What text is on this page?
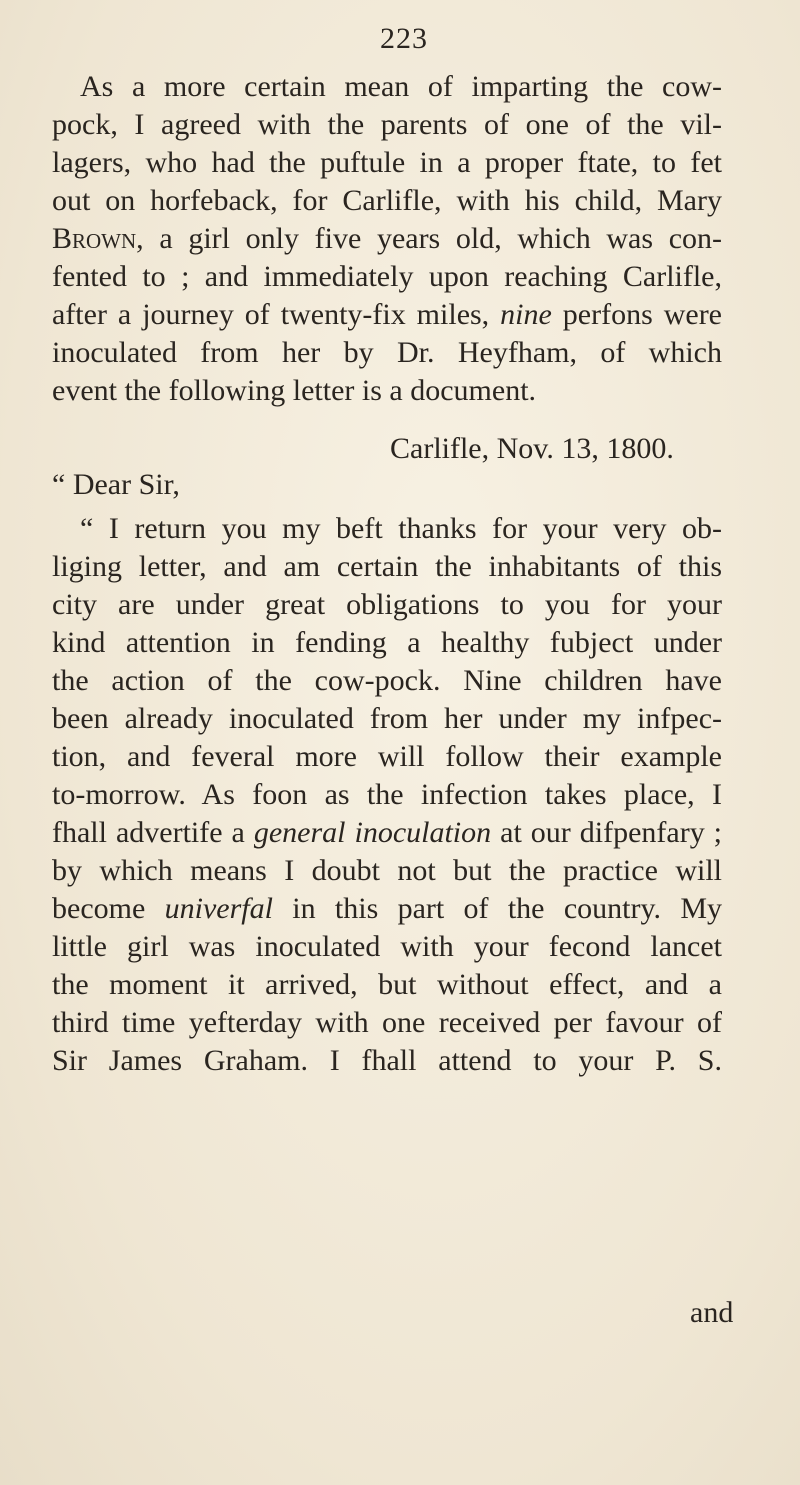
223
As a more certain mean of imparting the cow-
pock, I agreed with the parents of one of the vil-
lagers, who had the puftule in a proper ftate, to fet
out on horfeback, for Carlifle, with his child, Mary
Brown, a girl only five years old, which was con-
fented to ; and immediately upon reaching Carlifle,
after a journey of twenty-fix miles, nine perfons were
inoculated from her by Dr. Heyfham, of which
event the following letter is a document.
Carlifle, Nov. 13, 1800.
“ Dear Sir,
“ I return you my beft thanks for your very ob-
liging letter, and am certain the inhabitants of this
city are under great obligations to you for your
kind attention in fending a healthy fubject under
the action of the cow-pock. Nine children have
been already inoculated from her under my infpec-
tion, and feveral more will follow their example
to-morrow. As foon as the infection takes place, I
fhall advertife a general inoculation at our difpenfary ;
by which means I doubt not but the practice will
become univerfal in this part of the country. My
little girl was inoculated with your fecond lancet
the moment it arrived, but without effect, and a
third time yefterday with one received per favour of
Sir James Graham. I fhall attend to your P. S.
and
